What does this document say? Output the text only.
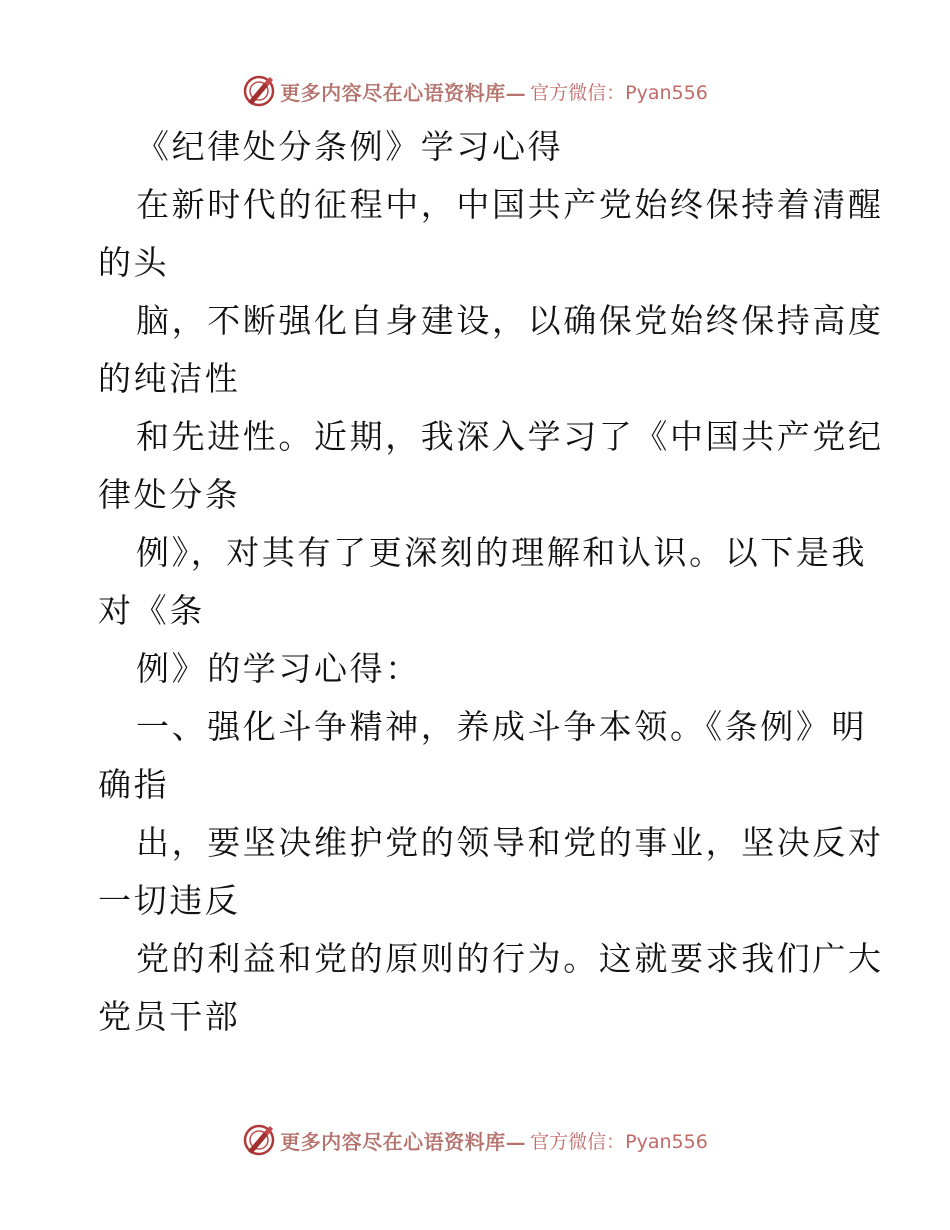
更多内容尽在心语资料库— 官方微信：Pyan556
《纪律处分条例》学习心得
在新时代的征程中，中国共产党始终保持着清醒
的头
脑，不断强化自身建设，以确保党始终保持高度
的纯洁性
和先进性。近期，我深入学习了《中国共产党纪
律处分条
例》，对其有了更深刻的理解和认识。以下是我
对《条
例》的学习心得：
一、强化斗争精神，养成斗争本领。《条例》明
确指
出，要坚决维护党的领导和党的事业，坚决反对
一切违反
党的利益和党的原则的行为。这就要求我们广大
党员干部
更多内容尽在心语资料库— 官方微信：Pyan556
